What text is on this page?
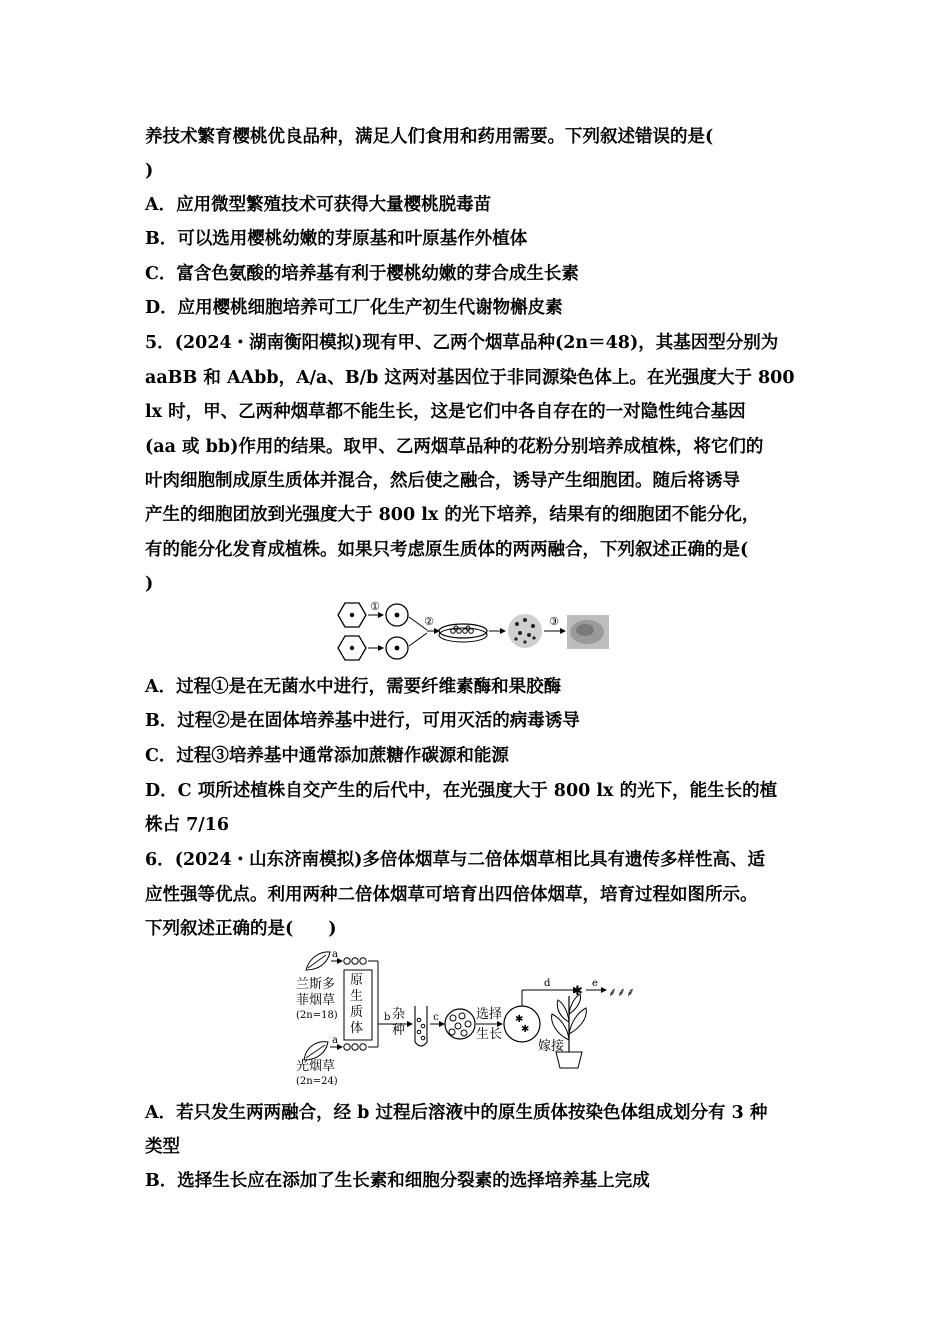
养技术繁育樱桃优良品种，满足人们食用和药用需要。下列叙述错误的是(
)
A．应用微型繁殖技术可获得大量樱桃脱毒苗
B．可以选用樱桃幼嫩的芽原基和叶原基作外植体
C．富含色氨酸的培养基有利于樱桃幼嫩的芽合成生长素
D．应用樱桃细胞培养可工厂化生产初生代谢物槲皮素
5．(2024・湖南衡阳模拟)现有甲、乙两个烟草品种(2n＝48)，其基因型分别为
aaBB 和 AAbb，A/a、B/b 这两对基因位于非同源染色体上。在光强度大于 800
lx 时，甲、乙两种烟草都不能生长，这是它们中各自存在的一对隐性纯合基因
(aa 或 bb)作用的结果。取甲、乙两烟草品种的花粉分别培养成植株，将它们的
叶肉细胞制成原生质体并混合，然后使之融合，诱导产生细胞团。随后将诱导
产生的细胞团放到光强度大于 800 lx 的光下培养，结果有的细胞团不能分化，
有的能分化发育成植株。如果只考虑原生质体的两两融合，下列叙述正确的是(
)
①
②	③
A．过程①是在无菌水中进行，需要纤维素酶和果胶酶
B．过程②是在固体培养基中进行，可用灭活的病毒诱导
C．过程③培养基中通常添加蔗糖作碳源和能源
D．C 项所述植株自交产生的后代中，在光强度大于 800 lx 的光下，能生长的植
株占 7/16
6．(2024・山东济南模拟)多倍体烟草与二倍体烟草相比具有遗传多样性高、适
应性强等优点。利用两种二倍体烟草可培育出四倍体烟草，培育过程如图所示。
下列叙述正确的是(　　)
a
兰斯多
菲烟草
(2n=18)
a
光烟草
(2n=24)
原
生
质
体
b 杂
种
c	选择
生长
✱
✱
d
嫁接
✱
e
⸙⸙⸙
A．若只发生两两融合，经 b 过程后溶液中的原生质体按染色体组成划分有 3 种
类型
B．选择生长应在添加了生长素和细胞分裂素的选择培养基上完成
